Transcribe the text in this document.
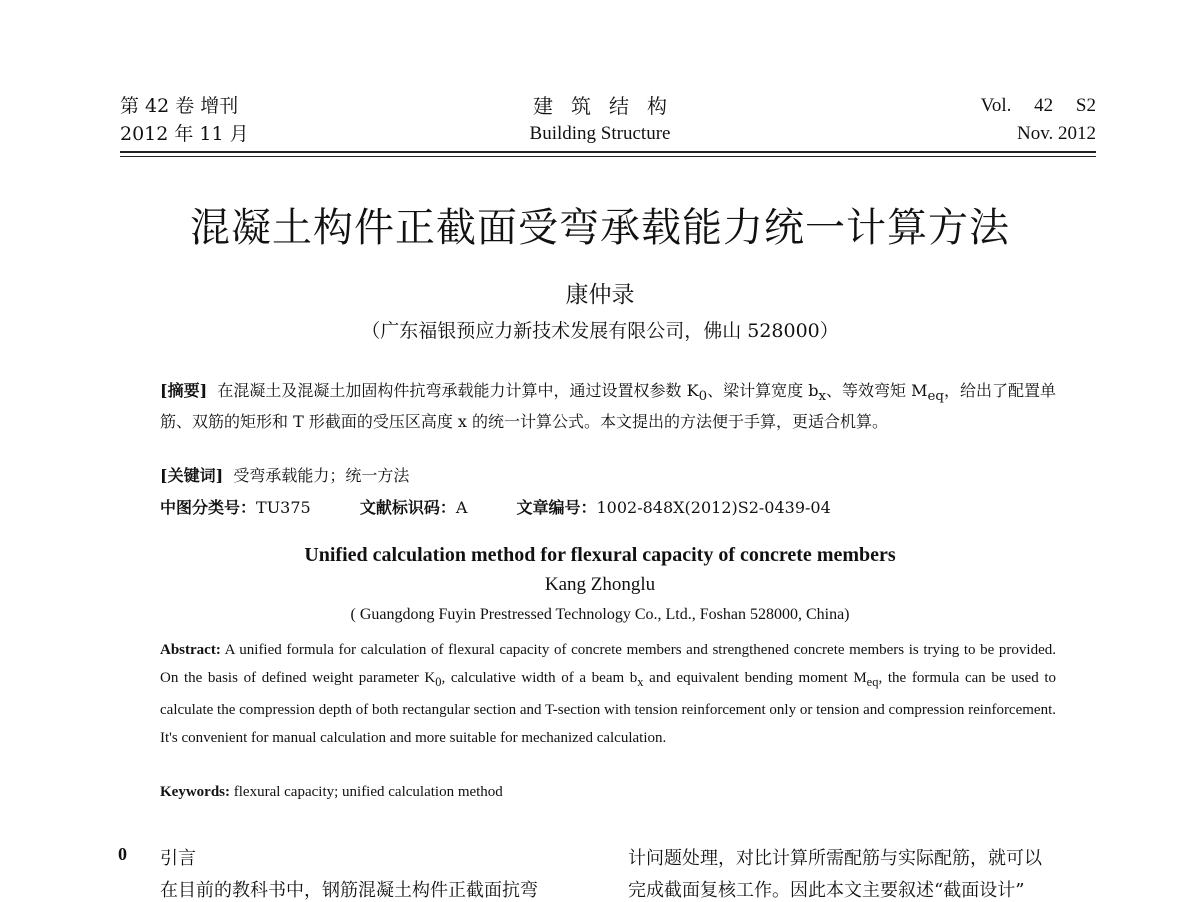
第 42 卷 增刊
2012 年 11 月
建筑结构
Building Structure
Vol. 42 S2
Nov. 2012
混凝土构件正截面受弯承载能力统一计算方法
康仲录
（广东福银预应力新技术发展有限公司，佛山 528000）
[摘要] 在混凝土及混凝土加固构件抗弯承载能力计算中，通过设置权参数 $K_0$、梁计算宽度 $b_x$、等效弯矩 $M_{eq}$，给出了配置单筋、双筋的矩形和 T 形截面的受压区高度 x 的统一计算公式。本文提出的方法便于手算，更适合机算。
[关键词] 受弯承载能力；统一方法
中图分类号：TU375	文献标识码：A	文章编号：1002-848X(2012)S2-0439-04
Unified calculation method for flexural capacity of concrete members
Kang Zhonglu
( Guangdong Fuyin Prestressed Technology Co., Ltd., Foshan 528000, China)
Abstract: A unified formula for calculation of flexural capacity of concrete members and strengthened concrete members is trying to be provided. On the basis of defined weight parameter $K_0$, calculative width of a beam $b_x$ and equivalent bending moment $M_{eq}$, the formula can be used to calculate the compression depth of both rectangular section and T-section with tension reinforcement only or tension and compression reinforcement. It's convenient for manual calculation and more suitable for mechanized calculation.
Keywords: flexural capacity; unified calculation method
0 引言
在目前的教科书中，钢筋混凝土构件正截面抗弯
计问题处理，对比计算所需配筋与实际配筋，就可以
完成截面复核工作。因此本文主要叙述“截面设计”
